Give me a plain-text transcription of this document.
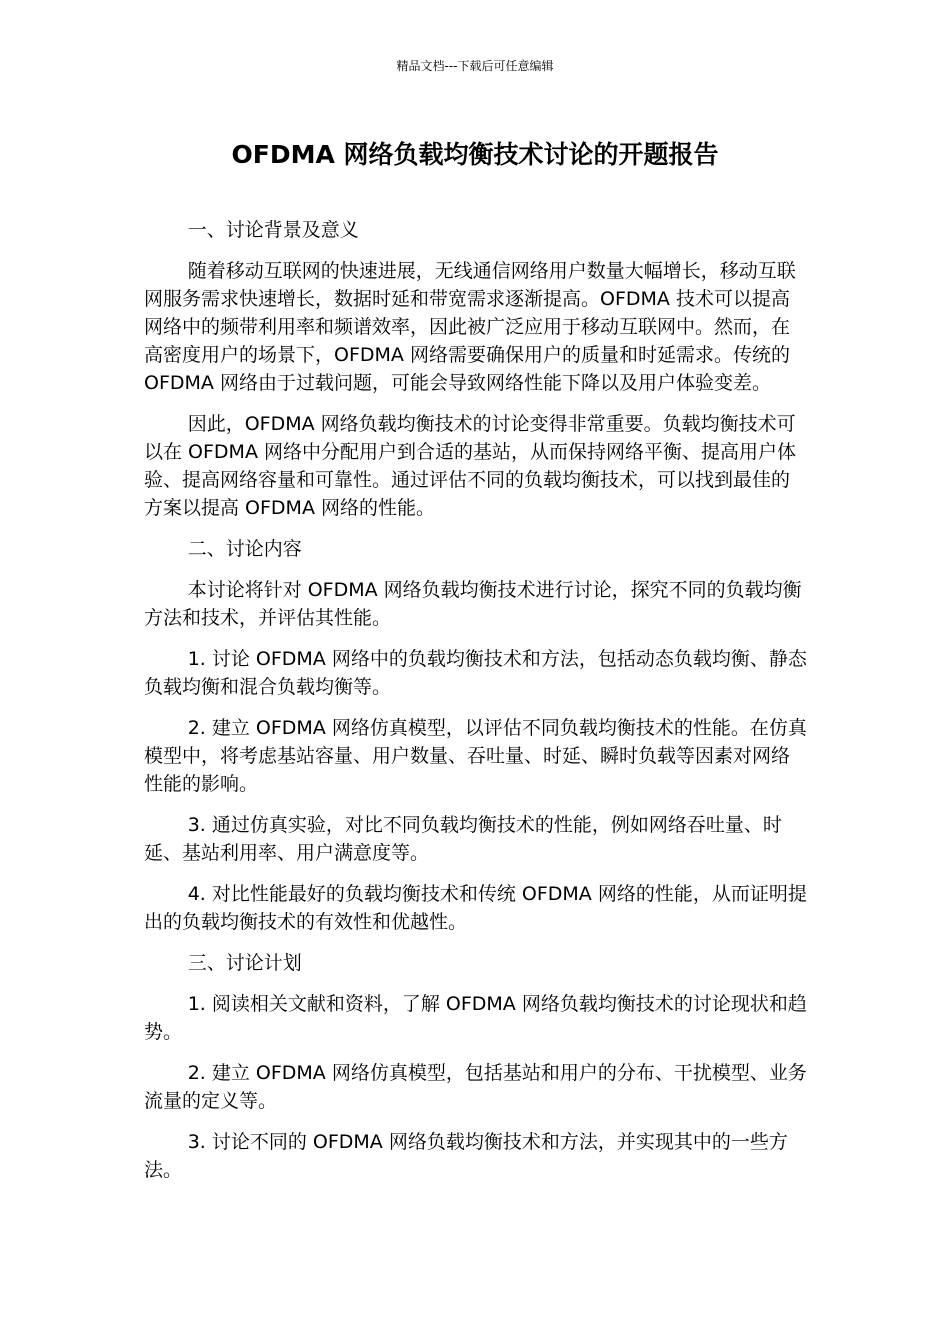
精品文档---下载后可任意编辑
OFDMA 网络负载均衡技术讨论的开题报告

一、讨论背景及意义

随着移动互联网的快速进展，无线通信网络用户数量大幅增长，移动互联网服务需求快速增长，数据时延和带宽需求逐渐提高。OFDMA 技术可以提高网络中的频带利用率和频谱效率，因此被广泛应用于移动互联网中。然而，在高密度用户的场景下，OFDMA 网络需要确保用户的质量和时延需求。传统的 OFDMA 网络由于过载问题，可能会导致网络性能下降以及用户体验变差。

因此，OFDMA 网络负载均衡技术的讨论变得非常重要。负载均衡技术可以在 OFDMA 网络中分配用户到合适的基站，从而保持网络平衡、提高用户体验、提高网络容量和可靠性。通过评估不同的负载均衡技术，可以找到最佳的方案以提高 OFDMA 网络的性能。

二、讨论内容

本讨论将针对 OFDMA 网络负载均衡技术进行讨论，探究不同的负载均衡方法和技术，并评估其性能。

1. 讨论 OFDMA 网络中的负载均衡技术和方法，包括动态负载均衡、静态负载均衡和混合负载均衡等。

2. 建立 OFDMA 网络仿真模型，以评估不同负载均衡技术的性能。在仿真模型中，将考虑基站容量、用户数量、吞吐量、时延、瞬时负载等因素对网络性能的影响。

3. 通过仿真实验，对比不同负载均衡技术的性能，例如网络吞吐量、时延、基站利用率、用户满意度等。

4. 对比性能最好的负载均衡技术和传统 OFDMA 网络的性能，从而证明提出的负载均衡技术的有效性和优越性。

三、讨论计划

1. 阅读相关文献和资料，了解 OFDMA 网络负载均衡技术的讨论现状和趋势。

2. 建立 OFDMA 网络仿真模型，包括基站和用户的分布、干扰模型、业务流量的定义等。

3. 讨论不同的 OFDMA 网络负载均衡技术和方法，并实现其中的一些方法。
